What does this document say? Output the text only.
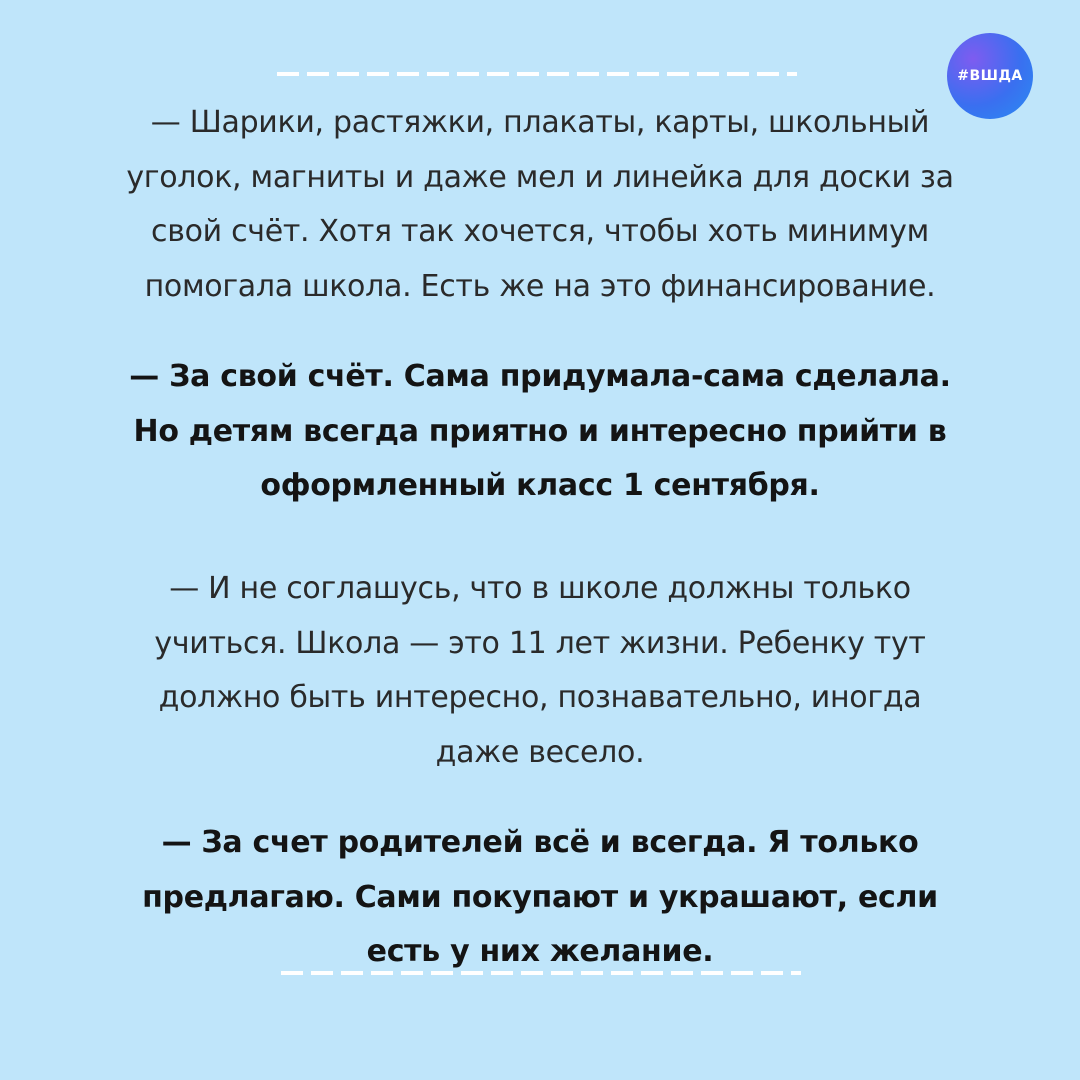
#ВШДА
— Шарики, растяжки, плакаты, карты, школьный
уголок, магниты и даже мел и линейка для доски за
свой счёт. Хотя так хочется, чтобы хоть минимум
помогала школа. Есть же на это финансирование.
— За свой счёт. Сама придумала-сама сделала.
Но детям всегда приятно и интересно прийти в
оформленный класс 1 сентября.
— И не соглашусь, что в школе должны только
учиться. Школа — это 11 лет жизни. Ребенку тут
должно быть интересно, познавательно, иногда
даже весело.
— За счет родителей всё и всегда. Я только
предлагаю. Сами покупают и украшают, если
есть у них желание.
